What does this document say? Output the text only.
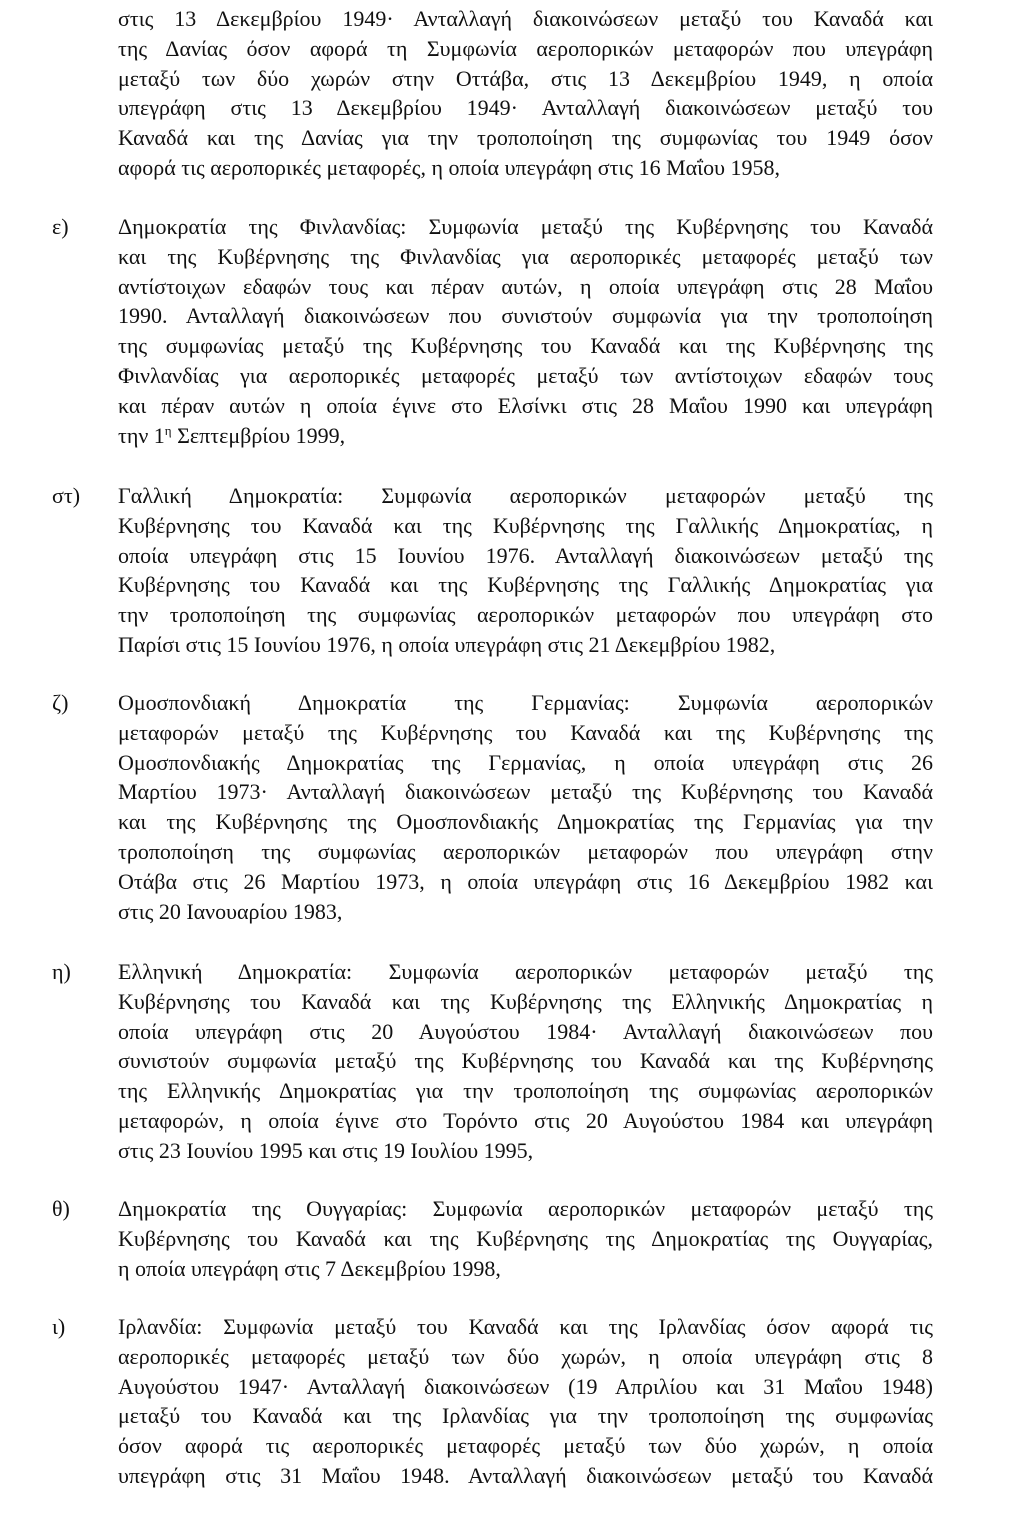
στις 13 Δεκεμβρίου 1949· Ανταλλαγή διακοινώσεων μεταξύ του Καναδά και
της Δανίας όσον αφορά τη Συμφωνία αεροπορικών μεταφορών που υπεγράφη
μεταξύ των δύο χωρών στην Οττάβα, στις 13 Δεκεμβρίου 1949, η οποία
υπεγράφη στις 13 Δεκεμβρίου 1949· Ανταλλαγή διακοινώσεων μεταξύ του
Καναδά και της Δανίας για την τροποποίηση της συμφωνίας του 1949 όσον
αφορά τις αεροπορικές μεταφορές, η οποία υπεγράφη στις 16 Μαΐου 1958,
ε) Δημοκρατία της Φινλανδίας: Συμφωνία μεταξύ της Κυβέρνησης του Καναδά
και της Κυβέρνησης της Φινλανδίας για αεροπορικές μεταφορές μεταξύ των
αντίστοιχων εδαφών τους και πέραν αυτών, η οποία υπεγράφη στις 28 Μαΐου
1990. Ανταλλαγή διακοινώσεων που συνιστούν συμφωνία για την τροποποίηση
της συμφωνίας μεταξύ της Κυβέρνησης του Καναδά και της Κυβέρνησης της
Φινλανδίας για αεροπορικές μεταφορές μεταξύ των αντίστοιχων εδαφών τους
και πέραν αυτών η οποία έγινε στο Ελσίνκι στις 28 Μαΐου 1990 και υπεγράφη
την $1^\eta$ Σεπτεμβρίου 1999,
στ) Γαλλική Δημοκρατία: Συμφωνία αεροπορικών μεταφορών μεταξύ της
Κυβέρνησης του Καναδά και της Κυβέρνησης της Γαλλικής Δημοκρατίας, η
οποία υπεγράφη στις 15 Ιουνίου 1976. Ανταλλαγή διακοινώσεων μεταξύ της
Κυβέρνησης του Καναδά και της Κυβέρνησης της Γαλλικής Δημοκρατίας για
την τροποποίηση της συμφωνίας αεροπορικών μεταφορών που υπεγράφη στο
Παρίσι στις 15 Ιουνίου 1976, η οποία υπεγράφη στις 21 Δεκεμβρίου 1982,
ζ) Ομοσπονδιακή Δημοκρατία της Γερμανίας: Συμφωνία αεροπορικών
μεταφορών μεταξύ της Κυβέρνησης του Καναδά και της Κυβέρνησης της
Ομοσπονδιακής Δημοκρατίας της Γερμανίας, η οποία υπεγράφη στις 26
Μαρτίου 1973· Ανταλλαγή διακοινώσεων μεταξύ της Κυβέρνησης του Καναδά
και της Κυβέρνησης της Ομοσπονδιακής Δημοκρατίας της Γερμανίας για την
τροποποίηση της συμφωνίας αεροπορικών μεταφορών που υπεγράφη στην
Οτάβα στις 26 Μαρτίου 1973, η οποία υπεγράφη στις 16 Δεκεμβρίου 1982 και
στις 20 Ιανουαρίου 1983,
η) Ελληνική Δημοκρατία: Συμφωνία αεροπορικών μεταφορών μεταξύ της
Κυβέρνησης του Καναδά και της Κυβέρνησης της Ελληνικής Δημοκρατίας η
οποία υπεγράφη στις 20 Αυγούστου 1984· Ανταλλαγή διακοινώσεων που
συνιστούν συμφωνία μεταξύ της Κυβέρνησης του Καναδά και της Κυβέρνησης
της Ελληνικής Δημοκρατίας για την τροποποίηση της συμφωνίας αεροπορικών
μεταφορών, η οποία έγινε στο Τορόντο στις 20 Αυγούστου 1984 και υπεγράφη
στις 23 Ιουνίου 1995 και στις 19 Ιουλίου 1995,
θ) Δημοκρατία της Ουγγαρίας: Συμφωνία αεροπορικών μεταφορών μεταξύ της
Κυβέρνησης του Καναδά και της Κυβέρνησης της Δημοκρατίας της Ουγγαρίας,
η οποία υπεγράφη στις 7 Δεκεμβρίου 1998,
ι) Ιρλανδία: Συμφωνία μεταξύ του Καναδά και της Ιρλανδίας όσον αφορά τις
αεροπορικές μεταφορές μεταξύ των δύο χωρών, η οποία υπεγράφη στις 8
Αυγούστου 1947· Ανταλλαγή διακοινώσεων (19 Απριλίου και 31 Μαΐου 1948)
μεταξύ του Καναδά και της Ιρλανδίας για την τροποποίηση της συμφωνίας
όσον αφορά τις αεροπορικές μεταφορές μεταξύ των δύο χωρών, η οποία
υπεγράφη στις 31 Μαΐου 1948. Ανταλλαγή διακοινώσεων μεταξύ του Καναδά
